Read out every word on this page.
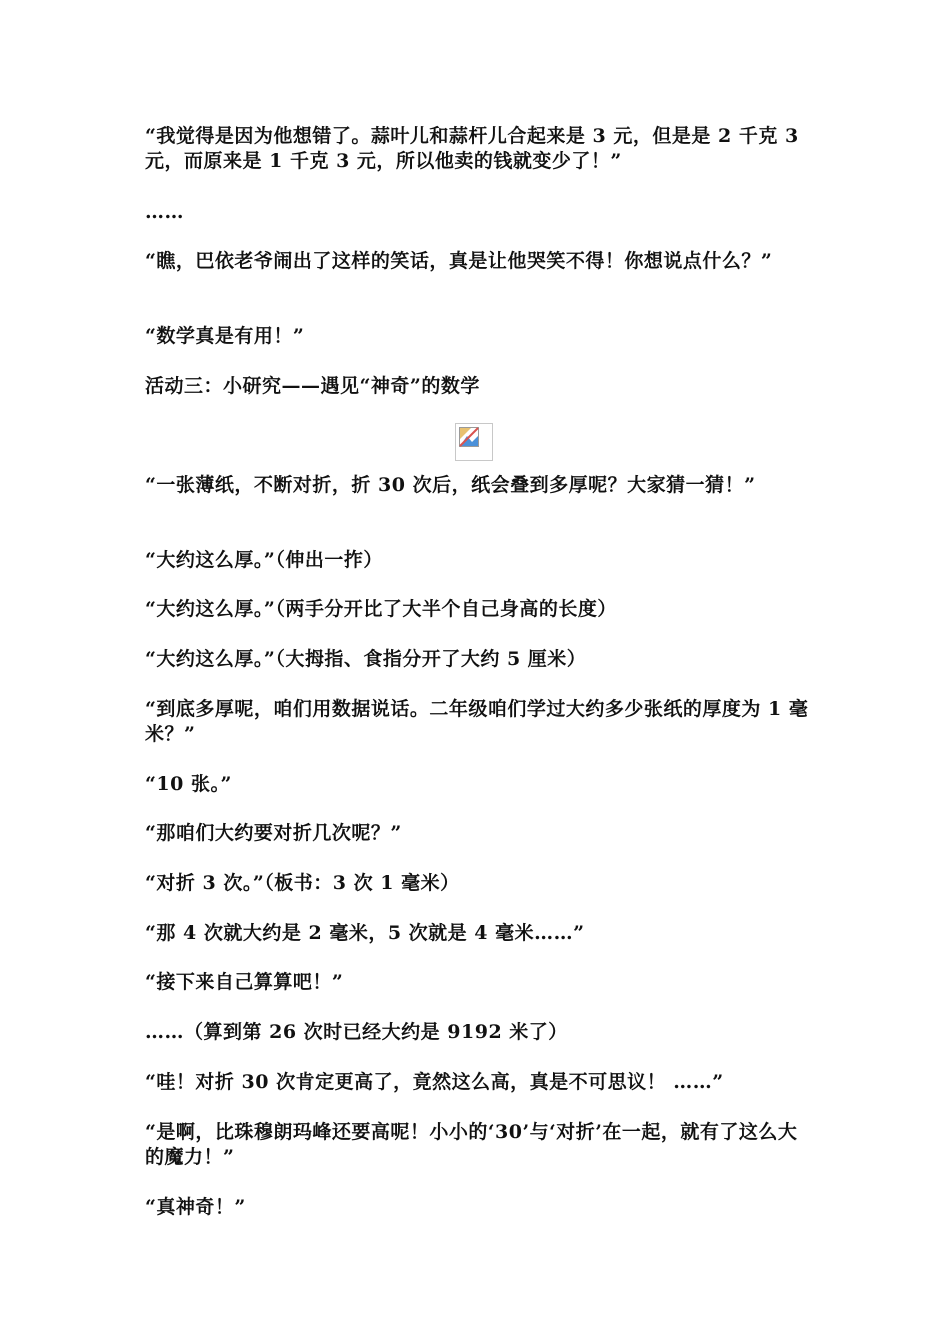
“我觉得是因为他想错了。蒜叶儿和蒜杆儿合起来是 3 元，但是是 2 千克 3 元，而原来是 1 千克 3 元，所以他卖的钱就变少了！”
……
“瞧，巴依老爷闹出了这样的笑话，真是让他哭笑不得！你想说点什么？”
“数学真是有用！”
活动三：小研究——遇见“神奇”的数学
“一张薄纸，不断对折，折 30 次后，纸会叠到多厚呢？大家猜一猜！”
“大约这么厚。”（伸出一拃）
“大约这么厚。”（两手分开比了大半个自己身高的长度）
“大约这么厚。”（大拇指、食指分开了大约 5 厘米）
“到底多厚呢，咱们用数据说话。二年级咱们学过大约多少张纸的厚度为 1 毫米？”
“10 张。”
“那咱们大约要对折几次呢？”
“对折 3 次。”（板书：3 次 1 毫米）
“那 4 次就大约是 2 毫米，5 次就是 4 毫米……”
“接下来自己算算吧！”
……（算到第 26 次时已经大约是 9192 米了）
“哇！对折 30 次肯定更高了，竟然这么高，真是不可思议！ ……”
“是啊，比珠穆朗玛峰还要高呢！小小的‘30’与‘对折’在一起，就有了这么大的魔力！”
“真神奇！”
